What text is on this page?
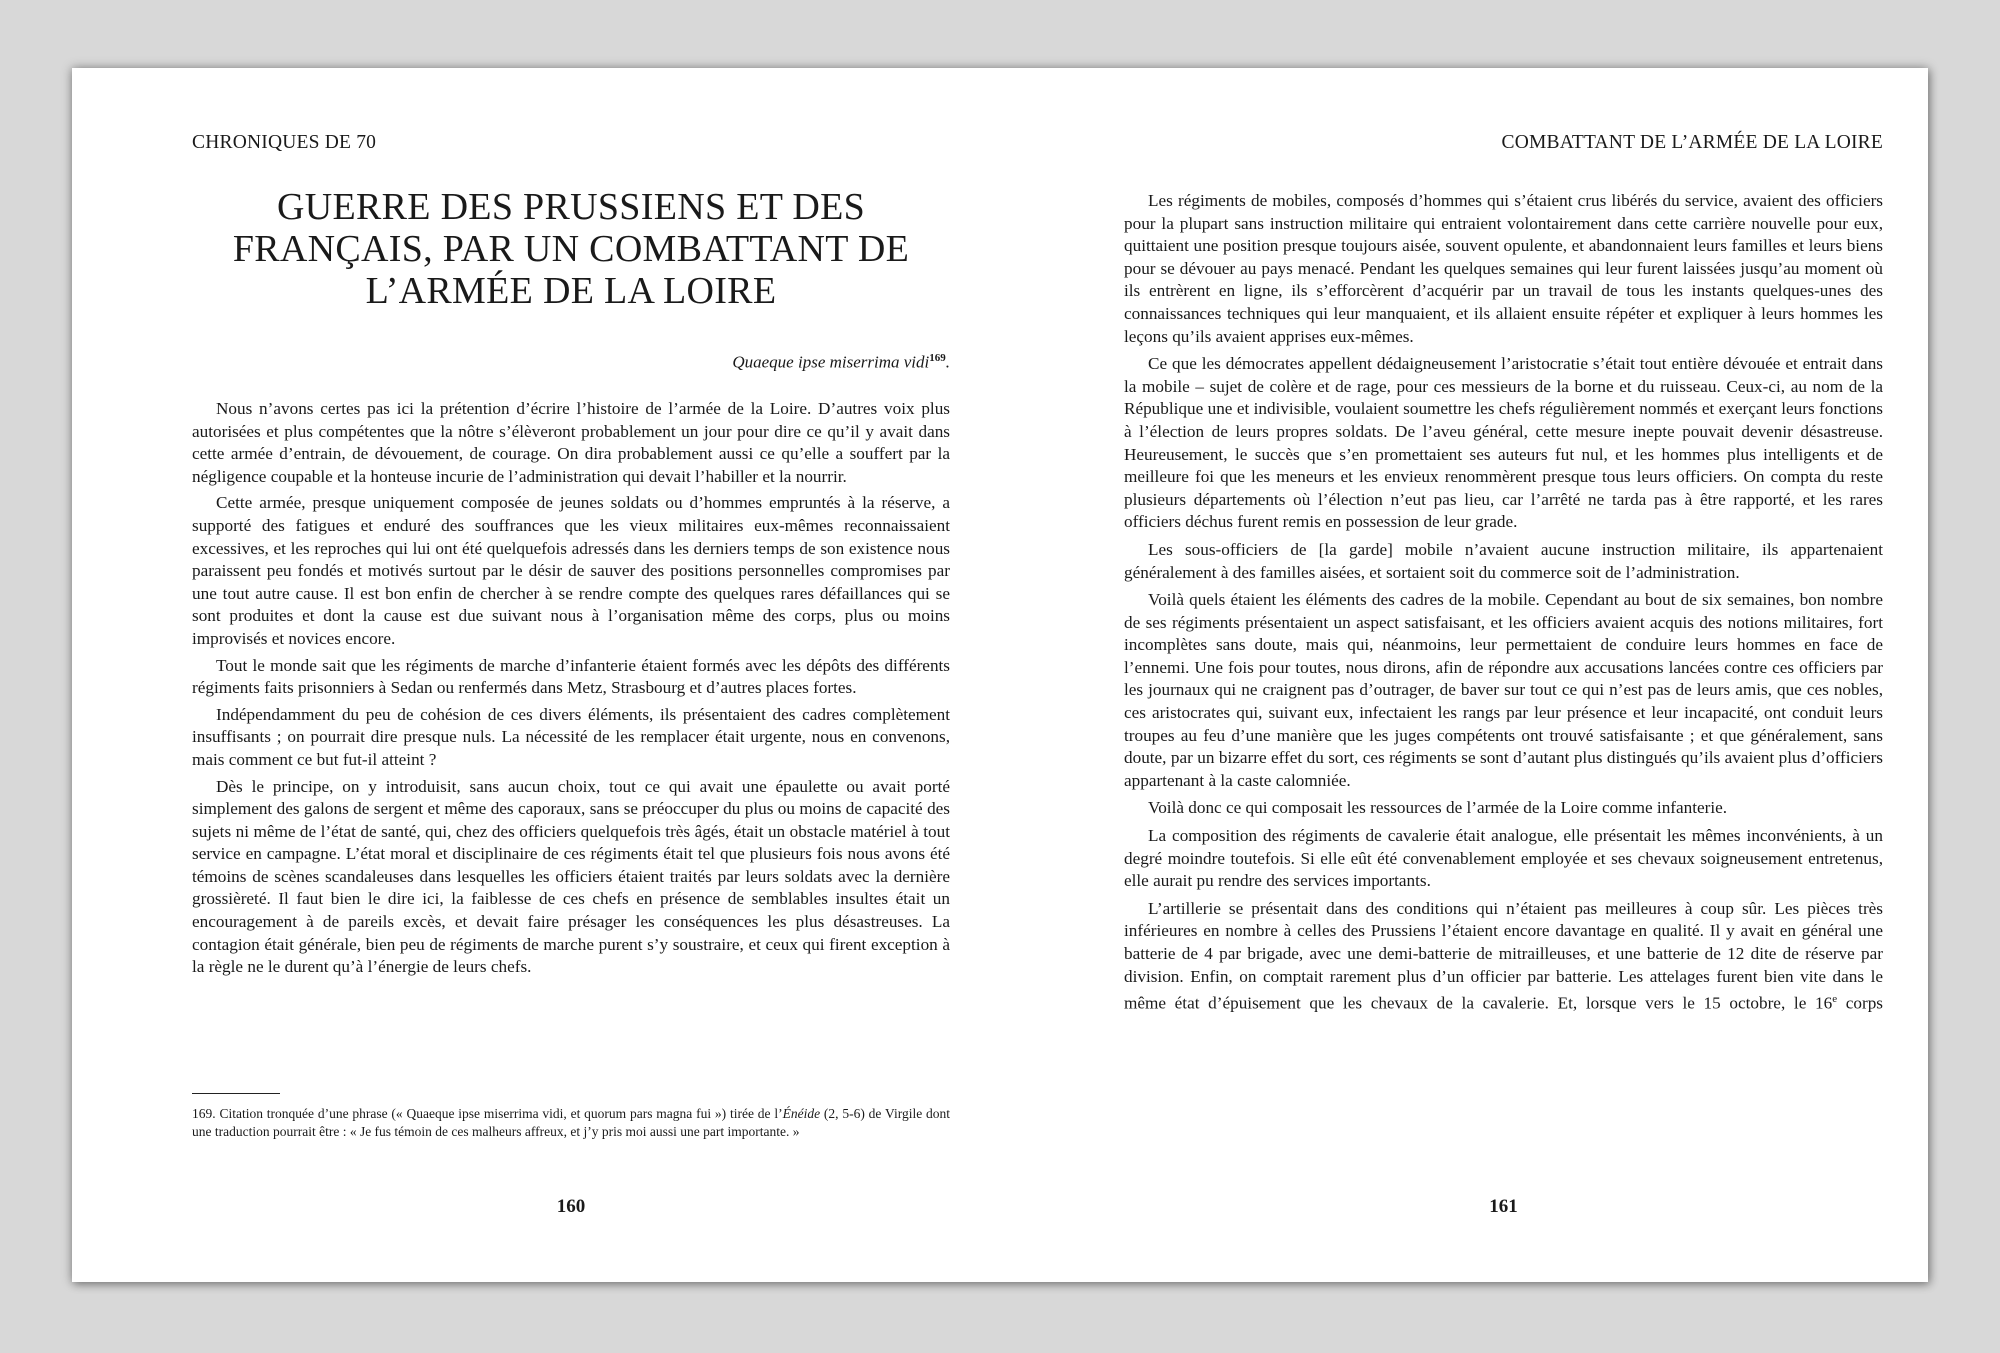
CHRONIQUES DE 70
GUERRE DES PRUSSIENS ET DES
FRANÇAIS, PAR UN COMBATTANT DE
L’ARMÉE DE LA LOIRE
Quaeque ipse miserrima vidi$^{169}$.

Nous n’avons certes pas ici la prétention d’écrire l’histoire de l’armée de la Loire. D’autres voix plus autorisées et plus compétentes que la nôtre s’élèveront probablement un jour pour dire ce qu’il y avait dans cette armée d’entrain, de dévouement, de courage. On dira probablement aussi ce qu’elle a souffert par la négligence coupable et la honteuse incurie de l’administration qui devait l’habiller et la nourrir.

Cette armée, presque uniquement composée de jeunes soldats ou d’hommes empruntés à la réserve, a supporté des fatigues et enduré des souffrances que les vieux militaires eux-mêmes reconnaissaient excessives, et les reproches qui lui ont été quelquefois adressés dans les derniers temps de son existence nous paraissent peu fondés et motivés surtout par le désir de sauver des positions personnelles compromises par une tout autre cause. Il est bon enfin de chercher à se rendre compte des quelques rares défaillances qui se sont produites et dont la cause est due suivant nous à l’organisation même des corps, plus ou moins improvisés et novices encore.

Tout le monde sait que les régiments de marche d’infanterie étaient formés avec les dépôts des différents régiments faits prisonniers à Sedan ou renfermés dans Metz, Strasbourg et d’autres places fortes.

Indépendamment du peu de cohésion de ces divers éléments, ils présentaient des cadres complètement insuffisants ; on pourrait dire presque nuls. La nécessité de les remplacer était urgente, nous en convenons, mais comment ce but fut-il atteint ?

Dès le principe, on y introduisit, sans aucun choix, tout ce qui avait une épaulette ou avait porté simplement des galons de sergent et même des caporaux, sans se préoccuper du plus ou moins de capacité des sujets ni même de l’état de santé, qui, chez des officiers quelquefois très âgés, était un obstacle matériel à tout service en campagne. L’état moral et disciplinaire de ces régiments était tel que plusieurs fois nous avons été témoins de scènes scandaleuses dans lesquelles les officiers étaient traités par leurs soldats avec la dernière grossièreté. Il faut bien le dire ici, la faiblesse de ces chefs en présence de semblables insultes était un encouragement à de pareils excès, et devait faire présager les conséquences les plus désastreuses. La contagion était générale, bien peu de régiments de marche purent s’y soustraire, et ceux qui firent exception à la règle ne le durent qu’à l’énergie de leurs chefs.

169. Citation tronquée d’une phrase (« Quaeque ipse miserrima vidi, et quorum pars magna fui ») tirée de l’Énéide (2, 5-6) de Virgile dont une traduction pourrait être : « Je fus témoin de ces malheurs affreux, et j’y pris moi aussi une part importante. »
160
COMBATTANT DE L’ARMÉE DE LA LOIRE

Les régiments de mobiles, composés d’hommes qui s’étaient crus libérés du service, avaient des officiers pour la plupart sans instruction militaire qui entraient volontairement dans cette carrière nouvelle pour eux, quittaient une position presque toujours aisée, souvent opulente, et abandonnaient leurs familles et leurs biens pour se dévouer au pays menacé. Pendant les quelques semaines qui leur furent laissées jusqu’au moment où ils entrèrent en ligne, ils s’efforcèrent d’acquérir par un travail de tous les instants quelques-unes des connaissances techniques qui leur manquaient, et ils allaient ensuite répéter et expliquer à leurs hommes les leçons qu’ils avaient apprises eux-mêmes.

Ce que les démocrates appellent dédaigneusement l’aristocratie s’était tout entière dévouée et entrait dans la mobile – sujet de colère et de rage, pour ces messieurs de la borne et du ruisseau. Ceux-ci, au nom de la République une et indivisible, voulaient soumettre les chefs régulièrement nommés et exerçant leurs fonctions à l’élection de leurs propres soldats. De l’aveu général, cette mesure inepte pouvait devenir désastreuse. Heureusement, le succès que s’en promettaient ses auteurs fut nul, et les hommes plus intelligents et de meilleure foi que les meneurs et les envieux renommèrent presque tous leurs officiers. On compta du reste plusieurs départements où l’élection n’eut pas lieu, car l’arrêté ne tarda pas à être rapporté, et les rares officiers déchus furent remis en possession de leur grade.

Les sous-officiers de [la garde] mobile n’avaient aucune instruction militaire, ils appartenaient généralement à des familles aisées, et sortaient soit du commerce soit de l’administration.

Voilà quels étaient les éléments des cadres de la mobile. Cependant au bout de six semaines, bon nombre de ses régiments présentaient un aspect satisfaisant, et les officiers avaient acquis des notions militaires, fort incomplètes sans doute, mais qui, néanmoins, leur permettaient de conduire leurs hommes en face de l’ennemi. Une fois pour toutes, nous dirons, afin de répondre aux accusations lancées contre ces officiers par les journaux qui ne craignent pas d’outrager, de baver sur tout ce qui n’est pas de leurs amis, que ces nobles, ces aristocrates qui, suivant eux, infectaient les rangs par leur présence et leur incapacité, ont conduit leurs troupes au feu d’une manière que les juges compétents ont trouvé satisfaisante ; et que généralement, sans doute, par un bizarre effet du sort, ces régiments se sont d’autant plus distingués qu’ils avaient plus d’officiers appartenant à la caste calomniée.

Voilà donc ce qui composait les ressources de l’armée de la Loire comme infanterie.

La composition des régiments de cavalerie était analogue, elle présentait les mêmes inconvénients, à un degré moindre toutefois. Si elle eût été convenablement employée et ses chevaux soigneusement entretenus, elle aurait pu rendre des services importants.

L’artillerie se présentait dans des conditions qui n’étaient pas meilleures à coup sûr. Les pièces très inférieures en nombre à celles des Prussiens l’étaient encore davantage en qualité. Il y avait en général une batterie de 4 par brigade, avec une demi-batterie de mitrailleuses, et une batterie de 12 dite de réserve par division. Enfin, on comptait rarement plus d’un officier par batterie. Les attelages furent bien vite dans le même état d’épuisement que les chevaux de la cavalerie. Et, lorsque vers le 15 octobre, le 16e corps

161
